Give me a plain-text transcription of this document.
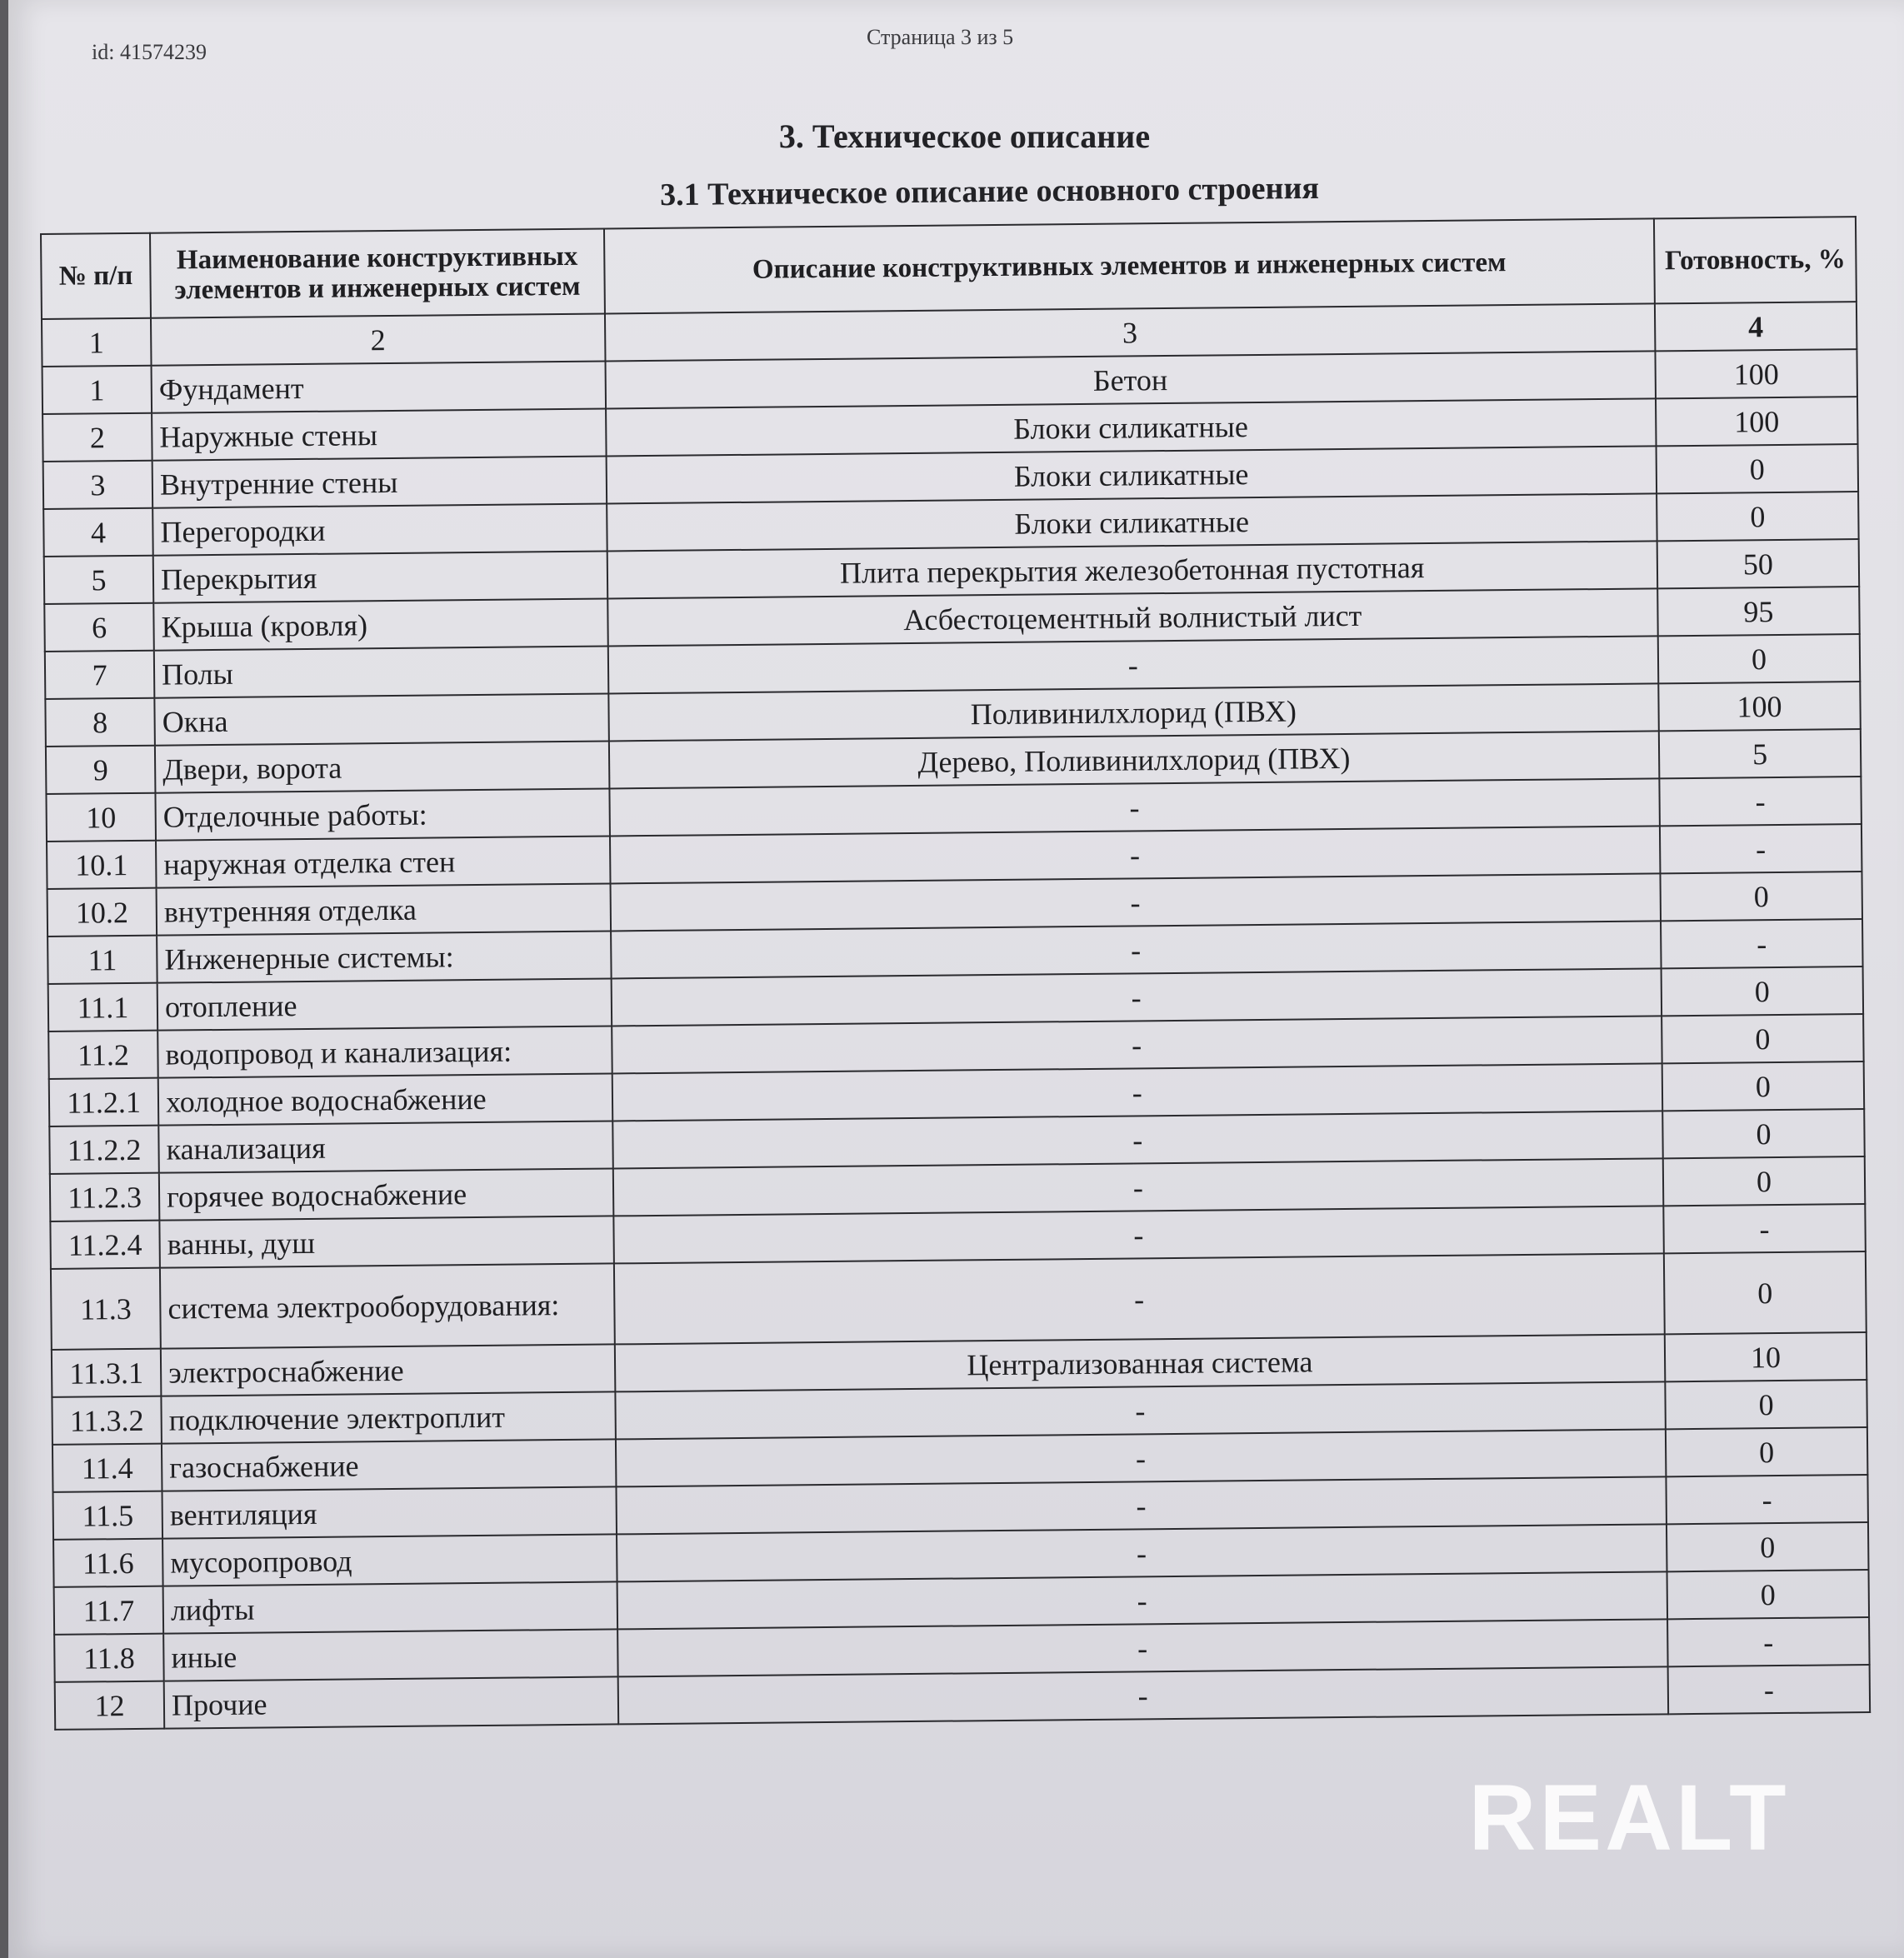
id: 41574239
Страница 3 из 5
3. Техническое описание
3.1 Техническое описание основного строения
№ п/п	Наименование конструктивных элементов и инженерных систем	Описание конструктивных элементов и инженерных систем	Готовность, %
1	2	3	4
1	Фундамент	Бетон	100
2	Наружные стены	Блоки силикатные	100
3	Внутренние стены	Блоки силикатные	0
4	Перегородки	Блоки силикатные	0
5	Перекрытия	Плита перекрытия железобетонная пустотная	50
6	Крыша (кровля)	Асбестоцементный волнистый лист	95
7	Полы	-	0
8	Окна	Поливинилхлорид (ПВХ)	100
9	Двери, ворота	Дерево, Поливинилхлорид (ПВХ)	5
10	Отделочные работы:	-	-
10.1	наружная отделка стен	-	-
10.2	внутренняя отделка	-	0
11	Инженерные системы:	-	-
11.1	отопление	-	0
11.2	водопровод и канализация:	-	0
11.2.1	холодное водоснабжение	-	0
11.2.2	канализация	-	0
11.2.3	горячее водоснабжение	-	0
11.2.4	ванны, душ	-	-
11.3	система электрооборудования:	-	0
11.3.1	электроснабжение	Централизованная система	10
11.3.2	подключение электроплит	-	0
11.4	газоснабжение	-	0
11.5	вентиляция	-	-
11.6	мусоропровод	-	0
11.7	лифты	-	0
11.8	иные	-	-
12	Прочие	-	-
REALT
